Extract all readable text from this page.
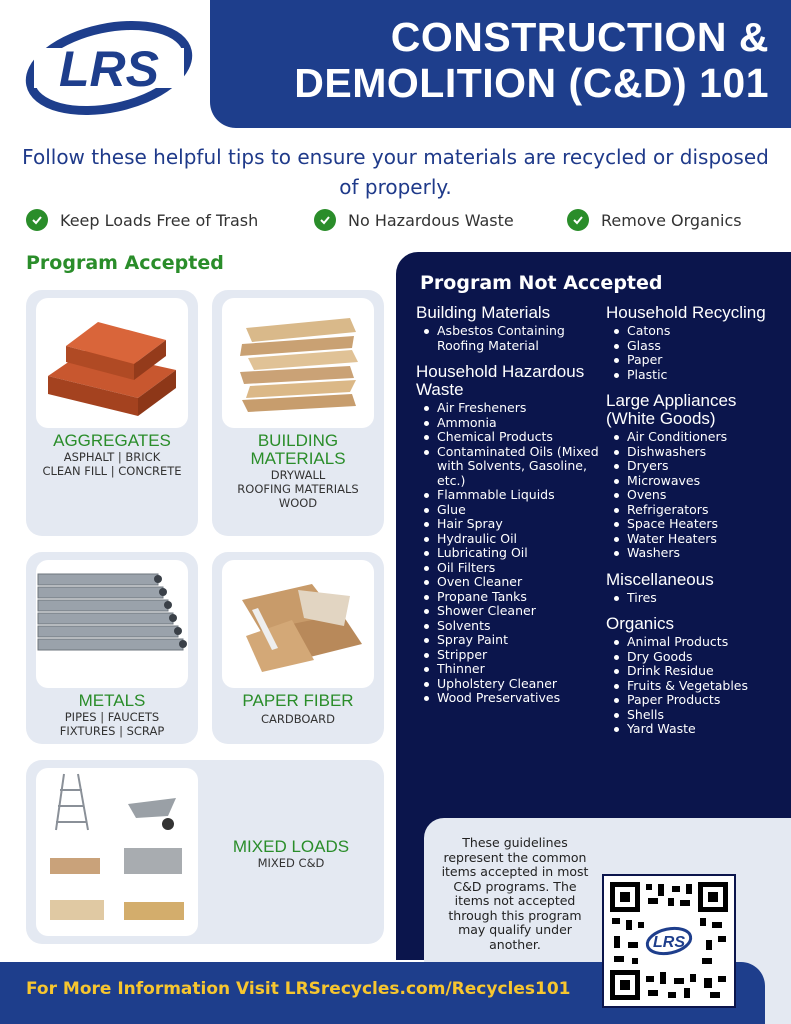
LRS
CONSTRUCTION &
DEMOLITION (C&D) 101
Follow these helpful tips to ensure your materials are recycled or disposed of properly.
Keep Loads Free of Trash	No Hazardous Waste	Remove Organics
Program Accepted
AGGREGATES
ASPHALT | BRICK
CLEAN FILL | CONCRETE
BUILDING MATERIALS
DRYWALL
ROOFING MATERIALS
WOOD
METALS
PIPES | FAUCETS
FIXTURES | SCRAP
PAPER FIBER
CARDBOARD
MIXED LOADS
MIXED C&D
Program Not Accepted
Building Materials
Asbestos Containing Roofing Material
Household Hazardous Waste
Air Fresheners
Ammonia
Chemical Products
Contaminated Oils (Mixed with Solvents, Gasoline, etc.)
Flammable Liquids
Glue
Hair Spray
Hydraulic Oil
Lubricating Oil
Oil Filters
Oven Cleaner
Propane Tanks
Shower Cleaner
Solvents
Spray Paint
Stripper
Thinner
Upholstery Cleaner
Wood Preservatives
Household Recycling
Catons
Glass
Paper
Plastic
Large Appliances (White Goods)
Air Conditioners
Dishwashers
Dryers
Microwaves
Ovens
Refrigerators
Space Heaters
Water Heaters
Washers
Miscellaneous
Tires
Organics
Animal Products
Dry Goods
Drink Residue
Fruits & Vegetables
Paper Products
Shells
Yard Waste
These guidelines represent the common items accepted in most C&D programs. The items not accepted through this program may qualify under another.
For More Information Visit LRSrecycles.com/Recycles101
LRS
